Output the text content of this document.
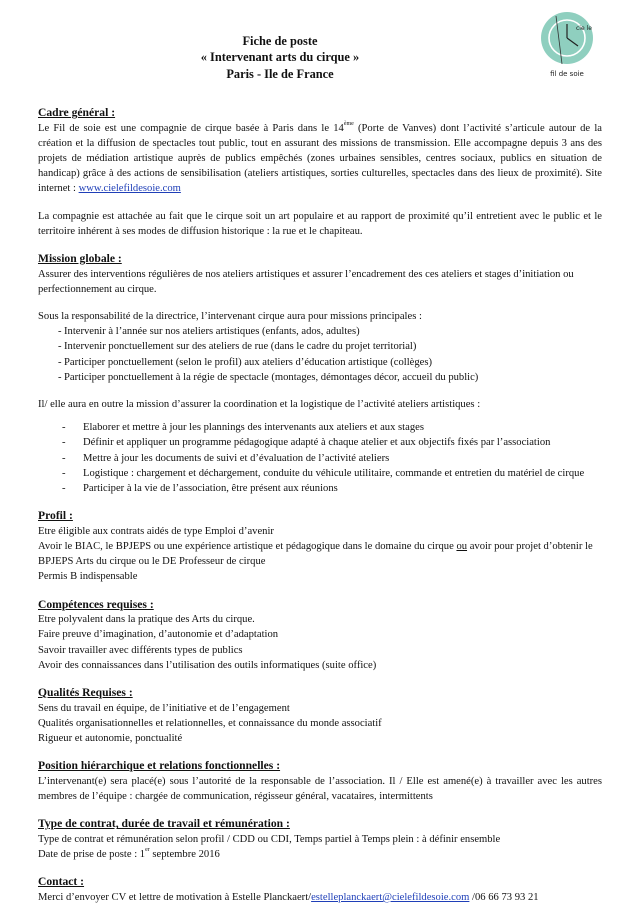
Fiche de poste
« Intervenant arts du cirque »
Paris - Ile de France
cie le
fil de soie
Cadre général :

Le Fil de soie est une compagnie de cirque basée à Paris dans le 14ème (Porte de Vanves) dont l’activité s’articule autour de la création et la diffusion de spectacles tout public, tout en assurant des missions de transmission. Elle accompagne depuis 3 ans des projets de médiation artistique auprès de publics empêchés (zones urbaines sensibles, centres sociaux, publics en situation de handicap) grâce à des actions de sensibilisation (ateliers artistiques, sorties culturelles, spectacles dans des lieux de proximité). Site internet : www.cielefildesoie.com

La compagnie est attachée au fait que le cirque soit un art populaire et au rapport de proximité qu’il entretient avec le public et le territoire inhérent à ses modes de diffusion historique : la rue et le chapiteau.

Mission globale :

Assurer des interventions régulières de nos ateliers artistiques et assurer l’encadrement des ces ateliers et stages d’initiation ou perfectionnement au cirque.

Sous la responsabilité de la directrice, l’intervenant cirque aura pour missions principales :

- Intervenir à l’année sur nos ateliers artistiques (enfants, ados, adultes)
- Intervenir ponctuellement sur des ateliers de rue (dans le cadre du projet territorial)
- Participer ponctuellement (selon le profil) aux ateliers d’éducation artistique (collèges)
- Participer ponctuellement à la régie de spectacle (montages, démontages décor, accueil du public)

Il/ elle aura en outre la mission d’assurer la coordination et la logistique de l’activité ateliers artistiques :

- Elaborer et mettre à jour les plannings des intervenants aux ateliers et aux stages
- Définir et appliquer un programme pédagogique adapté à chaque atelier et aux objectifs fixés par l’association
- Mettre à jour les documents de suivi et d’évaluation de l’activité ateliers
- Logistique : chargement et déchargement, conduite du véhicule utilitaire, commande et entretien du matériel de cirque
- Participer à la vie de l’association, être présent aux réunions
Profil :

Etre éligible aux contrats aidés de type Emploi d’avenir

Avoir le BIAC, le BPJEPS ou une expérience artistique et pédagogique dans le domaine du cirque ou avoir pour projet d’obtenir le BPJEPS Arts du cirque ou le DE Professeur de cirque

Permis B indispensable

Compétences requises :

Etre polyvalent dans la pratique des Arts du cirque.

Faire preuve d’imagination, d’autonomie et d’adaptation

Savoir travailler avec différents types de publics

Avoir des connaissances dans l’utilisation des outils informatiques (suite office)

Qualités Requises :

Sens du travail en équipe, de l’initiative et de l’engagement

Qualités organisationnelles et relationnelles, et connaissance du monde associatif

Rigueur et autonomie, ponctualité

Position hiérarchique et relations fonctionnelles :

L’intervenant(e) sera placé(e) sous l’autorité de la responsable de l’association. Il / Elle est amené(e) à travailler avec les autres membres de l’équipe : chargée de communication, régisseur général, vacataires, intermittents

Type de contrat, durée de travail et rémunération :

Type de contrat et rémunération selon profil / CDD ou CDI, Temps partiel à Temps plein : à définir ensemble

Date de prise de poste : 1er septembre 2016

Contact :

Merci d’envoyer CV et lettre de motivation à Estelle Planckaert/estelleplanckaert@cielefildesoie.com /06 66 73 93 21
